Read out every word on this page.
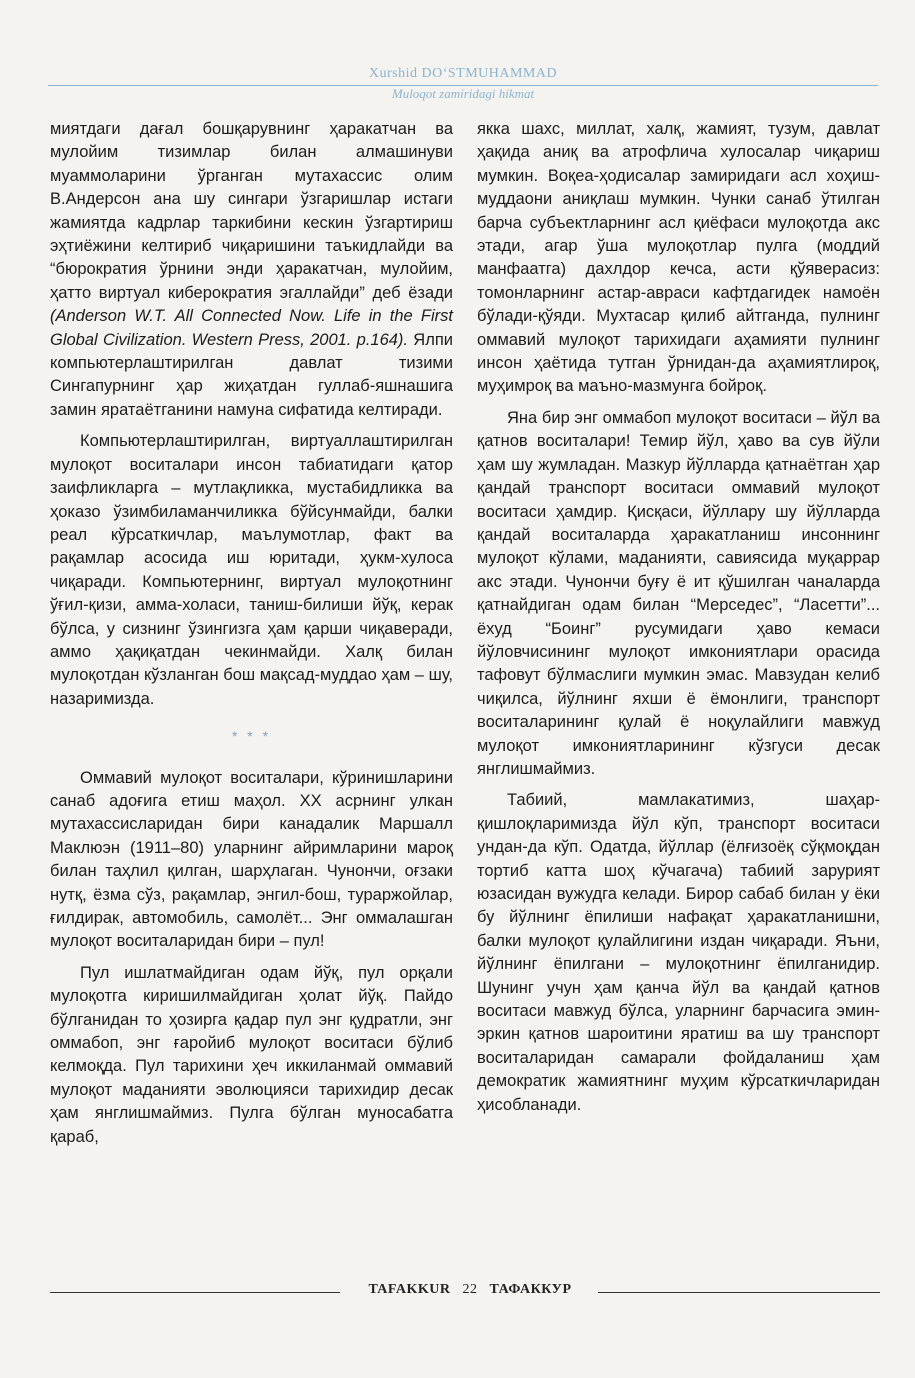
Xurshid DO‘STMUHAMMAD
Muloqot zamiridagi hikmat

миятдаги дағал бошқарувнинг ҳаракатчан ва мулойим тизимлар билан алмашинуви муаммоларини ўрганган мутахассис олим В.Андерсон ана шу сингари ўзгаришлар истаги жамиятда кадрлар таркибини кескин ўзгартириш эҳтиёжини келтириб чиқаришини таъкидлайди ва “бюрократия ўрнини энди ҳаракатчан, мулойим, ҳатто виртуал киберократия эгаллайди” деб ёзади (Anderson W.T. All Connected Now. Life in the First Global Civilization. Western Press, 2001. p.164). Ялпи компьютерлаштирилган давлат тизими Сингапурнинг ҳар жиҳатдан гуллаб-яшнашига замин яратаётганини намуна сифатида келтиради.

Компьютерлаштирилган, виртуаллаштирилган мулоқот воситалари инсон табиатидаги қатор заифликларга – мутлақликка, мустабидликка ва ҳоказо ўзимбиламанчиликка бўйсунмайди, балки реал кўрсаткичлар, маълумотлар, факт ва рақамлар асосида иш юритади, ҳукм-хулоса чиқаради. Компьютернинг, виртуал мулоқотнинг ўғил-қизи, амма-холаси, таниш-билиши йўқ, керак бўлса, у сизнинг ўзингизга ҳам қарши чиқаверади, аммо ҳақиқатдан чекинмайди. Халқ билан мулоқотдан кўзланган бош мақсад-муддао ҳам – шу, назаримизда.

* * *

Оммавий мулоқот воситалари, кўринишларини санаб адоғига етиш маҳол. XX асрнинг улкан мутахассисларидан бири канадалик Маршалл Маклюэн (1911–80) уларнинг айримларини мароқ билан таҳлил қилган, шарҳлаган. Чунончи, оғзаки нутқ, ёзма сўз, рақамлар, энгил-бош, тураржойлар, ғилдирак, автомобиль, самолёт... Энг оммалашган мулоқот воситаларидан бири – пул!

Пул ишлатмайдиган одам йўқ, пул орқали мулоқотга киришилмайдиган ҳолат йўқ. Пайдо бўлганидан то ҳозирга қадар пул энг қудратли, энг оммабоп, энг ғаройиб мулоқот воситаси бўлиб келмоқда. Пул тарихини ҳеч иккиланмай оммавий мулоқот маданияти эволюцияси тарихидир десак ҳам янглишмаймиз. Пулга бўлган муносабатга қараб,

якка шахс, миллат, халқ, жамият, тузум, давлат ҳақида аниқ ва атрофлича хулосалар чиқариш мумкин. Воқеа-ҳодисалар замиридаги асл хоҳиш-муддаони аниқлаш мумкин. Чунки санаб ўтилган барча субъектларнинг асл қиёфаси мулоқотда акс этади, агар ўша мулоқотлар пулга (моддий манфаатга) дахлдор кечса, асти қўяверасиз: томонларнинг астар-авраси кафтдагидек намоён бўлади-қўяди. Мухтасар қилиб айтганда, пулнинг оммавий мулоқот тарихидаги аҳамияти пулнинг инсон ҳаётида тутган ўрнидан-да аҳамиятлироқ, муҳимроқ ва маъно-мазмунга бойроқ.

Яна бир энг оммабоп мулоқот воситаси – йўл ва қатнов воситалари! Темир йўл, ҳаво ва сув йўли ҳам шу жумладан. Мазкур йўлларда қатнаётган ҳар қандай транспорт воситаси оммавий мулоқот воситаси ҳамдир. Қисқаси, йўллару шу йўлларда қандай воситаларда ҳаракатланиш инсоннинг мулоқот кўлами, маданияти, савиясида муқаррар акс этади. Чунончи буғу ё ит қўшилган чаналарда қатнайдиган одам билан “Мерседес”, “Ласетти”... ёхуд “Боинг” русумидаги ҳаво кемаси йўловчисининг мулоқот имкониятлари орасида тафовут бўлмаслиги мумкин эмас. Мавзудан келиб чиқилса, йўлнинг яхши ё ёмонлиги, транспорт воситаларининг қулай ё ноқулайлиги мавжуд мулоқот имкониятларининг кўзгуси десак янглишмаймиз.

Табиий, мамлакатимиз, шаҳар-қишлоқларимизда йўл кўп, транспорт воситаси ундан-да кўп. Одатда, йўллар (ёлғизоёқ сўқмоқдан тортиб катта шоҳ кўчагача) табиий зарурият юзасидан вужудга келади. Бирор сабаб билан у ёки бу йўлнинг ёпилиши нафақат ҳаракатланишни, балки мулоқот қулайлигини издан чиқаради. Яъни, йўлнинг ёпилгани – мулоқотнинг ёпилганидир. Шунинг учун ҳам қанча йўл ва қандай қатнов воситаси мавжуд бўлса, уларнинг барчасига эмин-эркин қатнов шароитини яратиш ва шу транспорт воситаларидан самарали фойдаланиш ҳам демократик жамиятнинг муҳим кўрсаткичларидан ҳисобланади.

TAFAKKUR 22 ТАФАККУР
